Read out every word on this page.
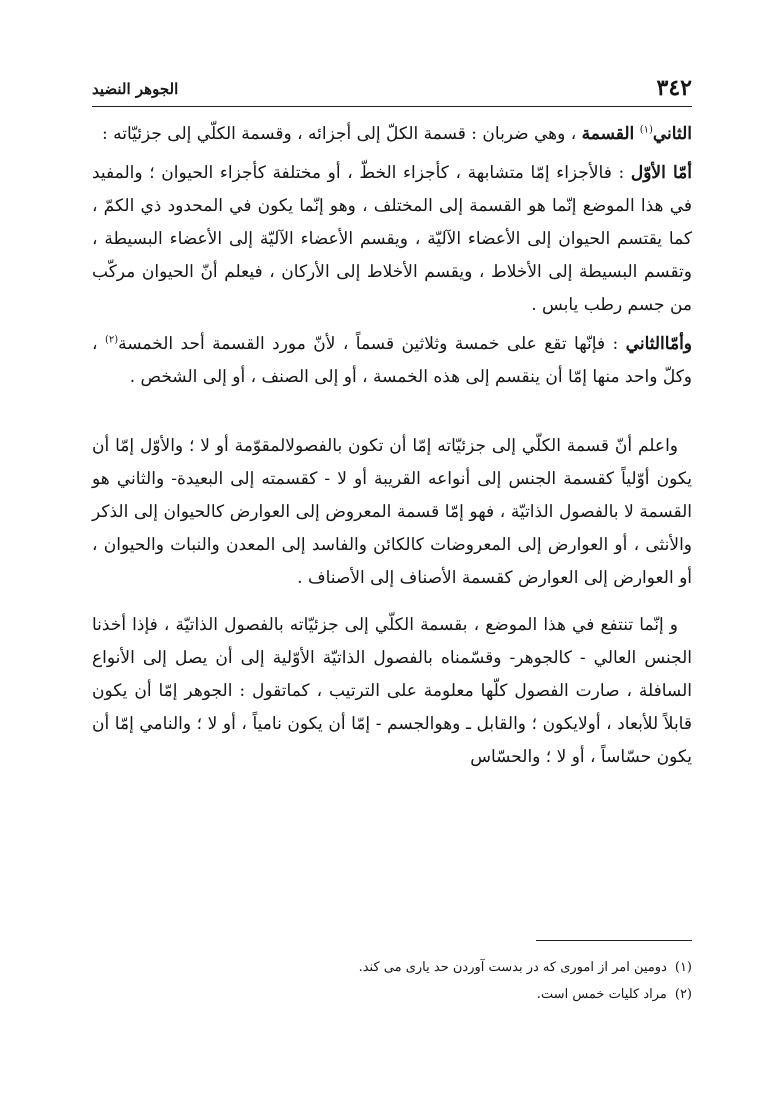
٣٤٢
الجوهر النضيد

الثاني$^{(١)}$ القسمة ، وهي ضربان : قسمة الكلّ إلى أجزائه ، وقسمة الكلّي إلى جزئيّاته :

أمّا الأوّل : فالأجزاء إمّا متشابهة ، كأجزاء الخطّ ، أو مختلفة كأجزاء الحيوان ؛ والمفيد في هذا الموضع إنّما هو القسمة إلى المختلف ، وهو إنّما يكون في المحدود ذي الكمّ ، كما يقتسم الحيوان إلى الأعضاء الآليّة ، ويقسم الأعضاء الآليّة إلى الأعضاء البسيطة ، وتقسم البسيطة إلى الأخلاط ، ويقسم الأخلاط إلى الأركان ، فيعلم أنّ الحيوان مركّب من جسم رطب يابس .

وأمّاالثاني : فإنّها تقع على خمسة وثلاثين قسماً ، لأنّ مورد القسمة أحد الخمسة$^{(٢)}$ ، وكلّ واحد منها إمّا أن ينقسم إلى هذه الخمسة ، أو إلى الصنف ، أو إلى الشخص .

واعلم أنّ قسمة الكلّي إلى جزئيّاته إمّا أن تكون بالفصولالمقوّمة أو لا ؛ والأوّل إمّا أن يكون أوّلياً كقسمة الجنس إلى أنواعه القريبة أو لا - كقسمته إلى البعيدة- والثاني هو القسمة لا بالفصول الذاتيّة ، فهو إمّا قسمة المعروض إلى العوارض كالحيوان إلى الذكر والأنثى ، أو العوارض إلى المعروضات كالكائن والفاسد إلى المعدن والنبات والحيوان ، أو العوارض إلى العوارض كقسمة الأصناف إلى الأصناف .

و إنّما تنتفع في هذا الموضع ، بقسمة الكلّي إلى جزئيّاته بالفصول الذاتيّة ، فإذا أخذنا الجنس العالي - كالجوهر- وقسّمناه بالفصول الذاتيّة الأوّلية إلى أن يصل إلى الأنواع السافلة ، صارت الفصول كلّها معلومة على الترتيب ، كماتقول : الجوهر إمّا أن يكون قابلاً للأبعاد ، أولايكون ؛ والقابل ـ وهوالجسم - إمّا أن يكون نامياً ، أو لا ؛ والنامي إمّا أن يكون حسّاساً ، أو لا ؛ والحسّاس

(١)دومين امر از اموری كه در بدست آوردن حد ياری می كند.
(٢)مراد كليات خمس است.
